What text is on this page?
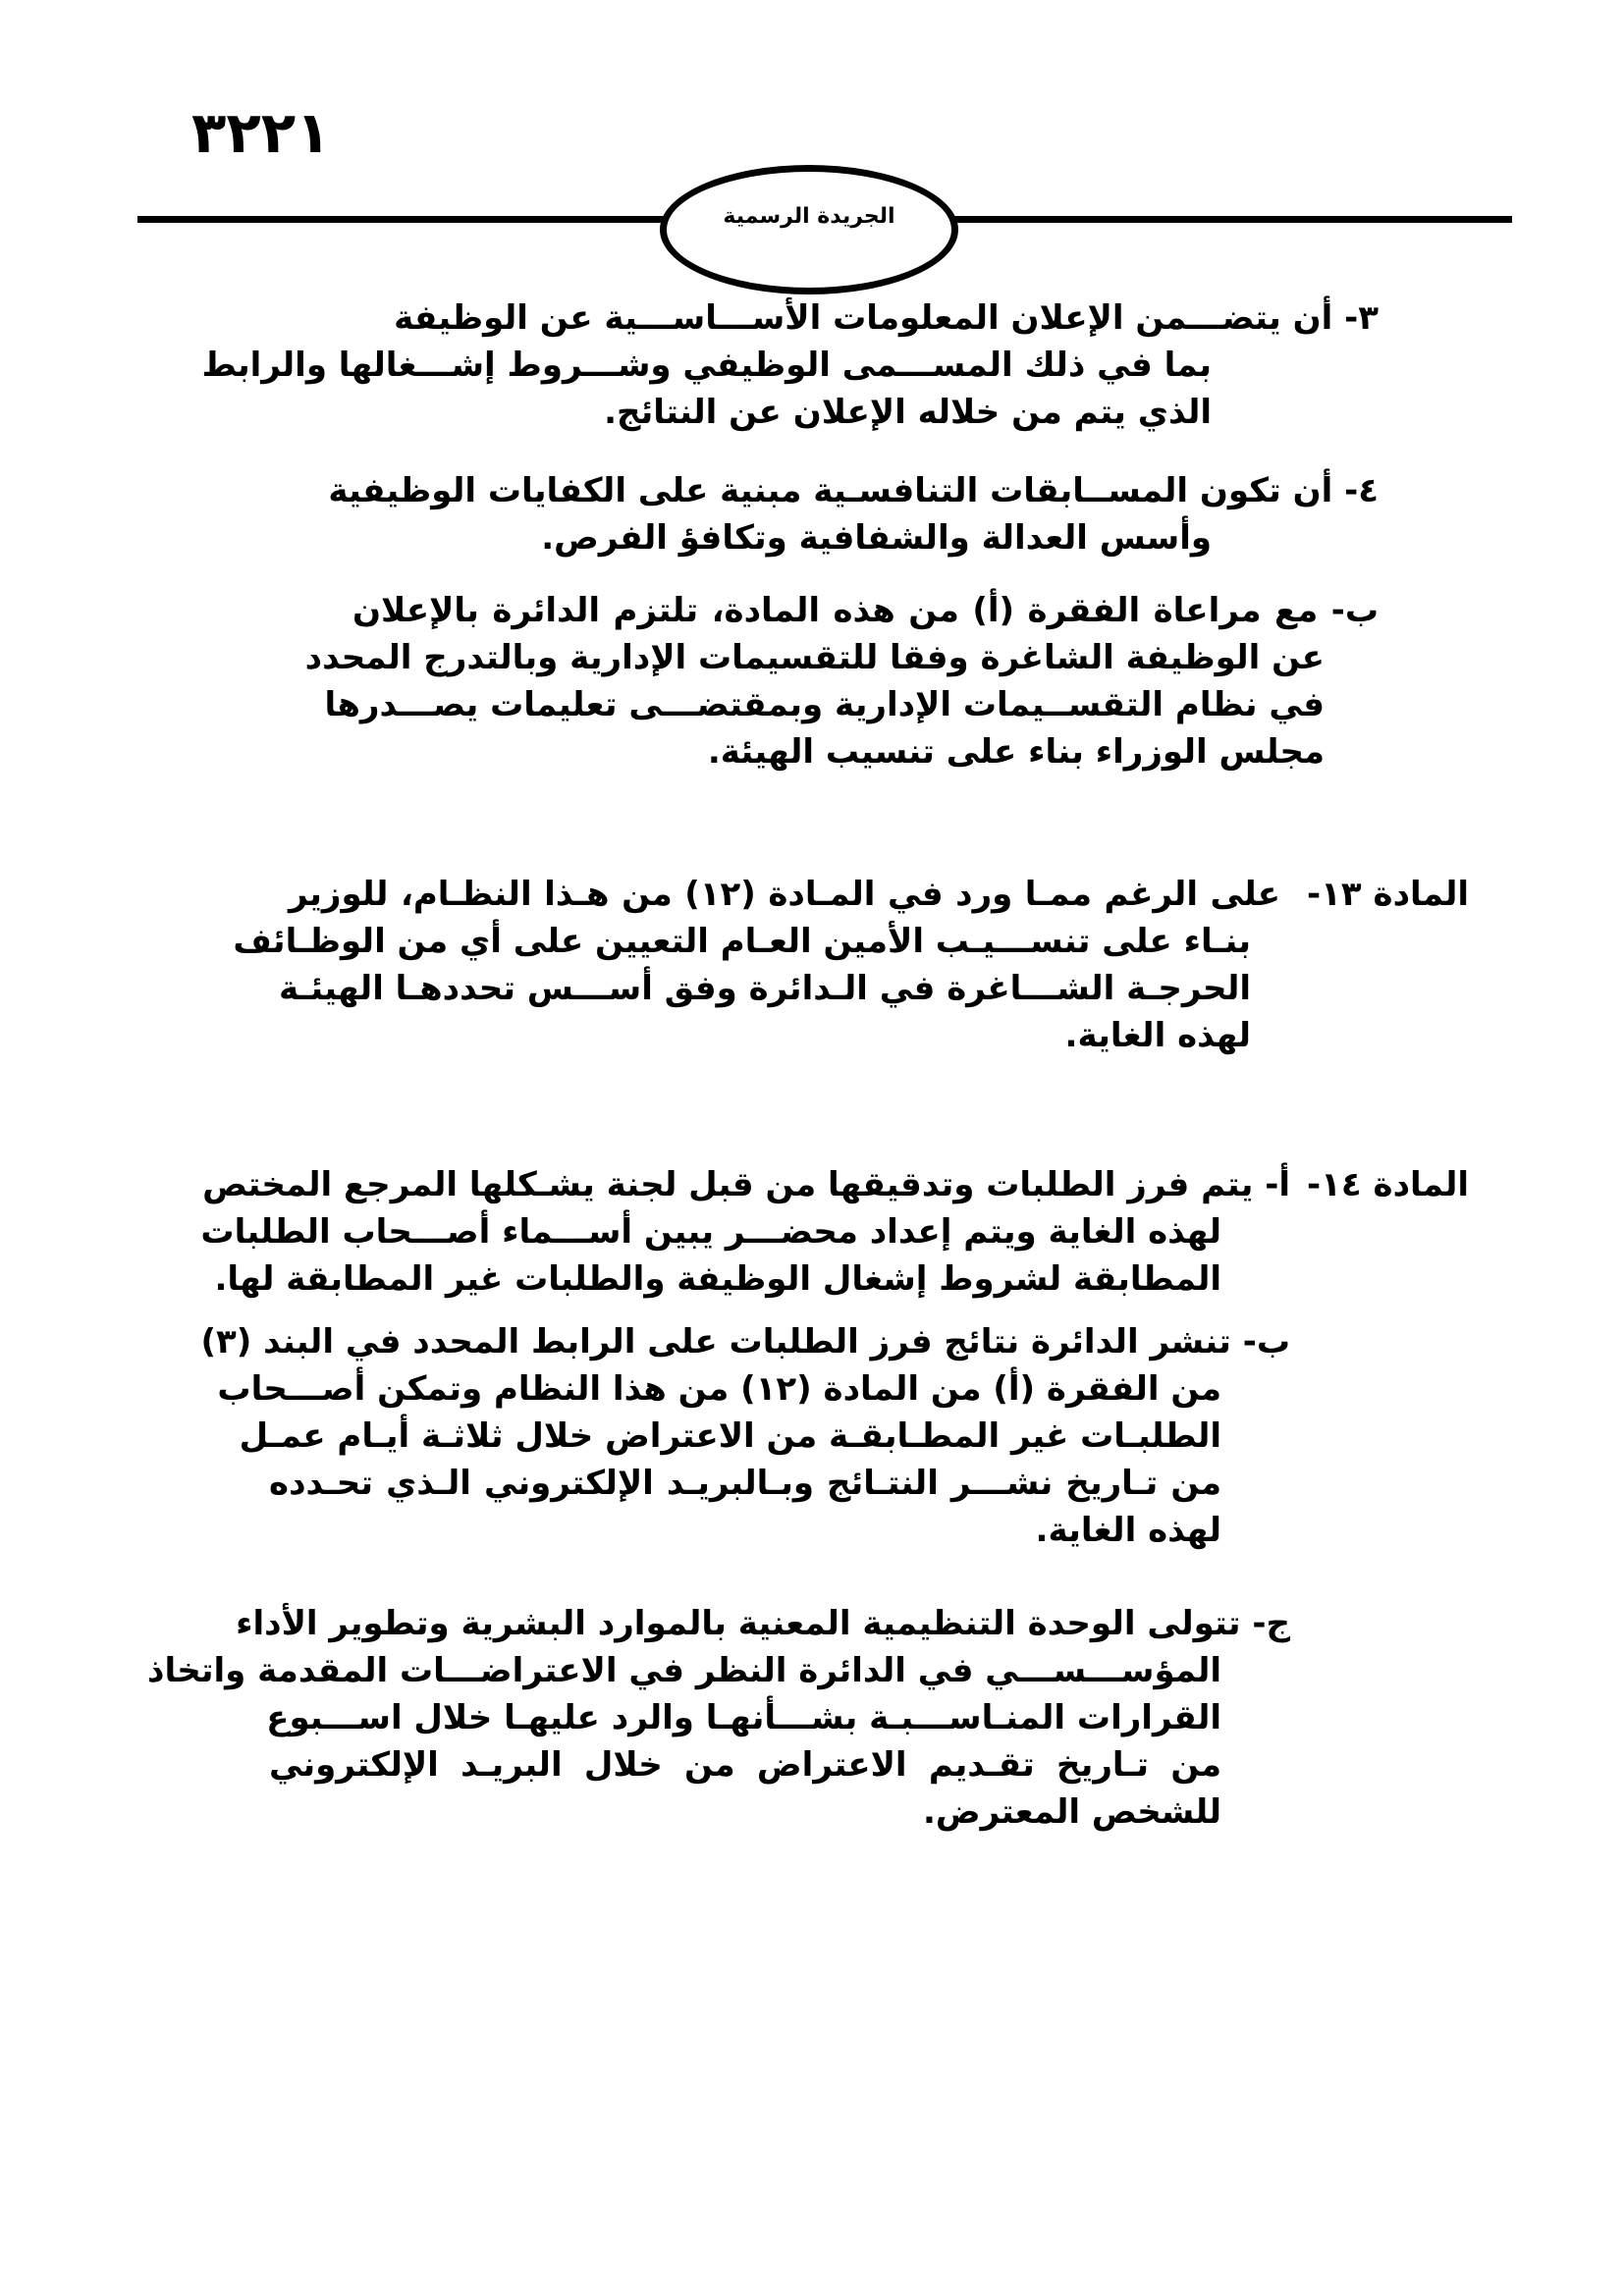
٣٢٢١
الجريدة الرسمية
٣- أن يتضـــمن الإعلان المعلومات الأســـاســـية عن الوظيفة
بما في ذلك المســـمى الوظيفي وشـــروط إشـــغالها والرابط
الذي يتم من خلاله الإعلان عن النتائج.
٤- أن تكون المســابقات التنافسـية مبنية على الكفايات الوظيفية
وأسس العدالة والشفافية وتكافؤ الفرص.
ب- مع مراعاة الفقرة (أ) من هذه المادة، تلتزم الدائرة بالإعلان
عن الوظيفة الشاغرة وفقا للتقسيمات الإدارية وبالتدرج المحدد
في نظام التقســيمات الإدارية وبمقتضـــى تعليمات يصـــدرها
مجلس الوزراء بناء على تنسيب الهيئة.
المادة ١٣-
على الرغم ممـا ورد في المـادة (١٢) من هـذا النظـام، للوزير
بنـاء على تنســـيـب الأمين العـام التعيين على أي من الوظـائف
الحرجـة الشـــاغرة في الـدائرة وفق أســـس تحددهـا الهيئـة
لهذه الغاية.
المادة ١٤-
أ- يتم فرز الطلبات وتدقيقها من قبل لجنة يشـكلها المرجع المختص
لهذه الغاية ويتم إعداد محضـــر يبين أســـماء أصـــحاب الطلبات
المطابقة لشروط إشغال الوظيفة والطلبات غير المطابقة لها.
ب- تنشر الدائرة نتائج فرز الطلبات على الرابط المحدد في البند (٣)
من الفقرة (أ) من المادة (١٢) من هذا النظام وتمكن أصـــحاب
الطلبـات غير المطـابقـة من الاعتراض خلال ثلاثـة أيـام عمـل
من تـاريخ نشـــر النتـائج وبـالبريـد الإلكتروني الـذي تحـدده
لهذه الغاية.
ج- تتولى الوحدة التنظيمية المعنية بالموارد البشرية وتطوير الأداء
المؤســـســـي في الدائرة النظر في الاعتراضـــات المقدمة واتخاذ
القرارات المنـاســـبـة بشـــأنهـا والرد عليهـا خلال اســـبوع
من تـاريخ تقـديم الاعتراض من خلال البريـد الإلكتروني
للشخص المعترض.
